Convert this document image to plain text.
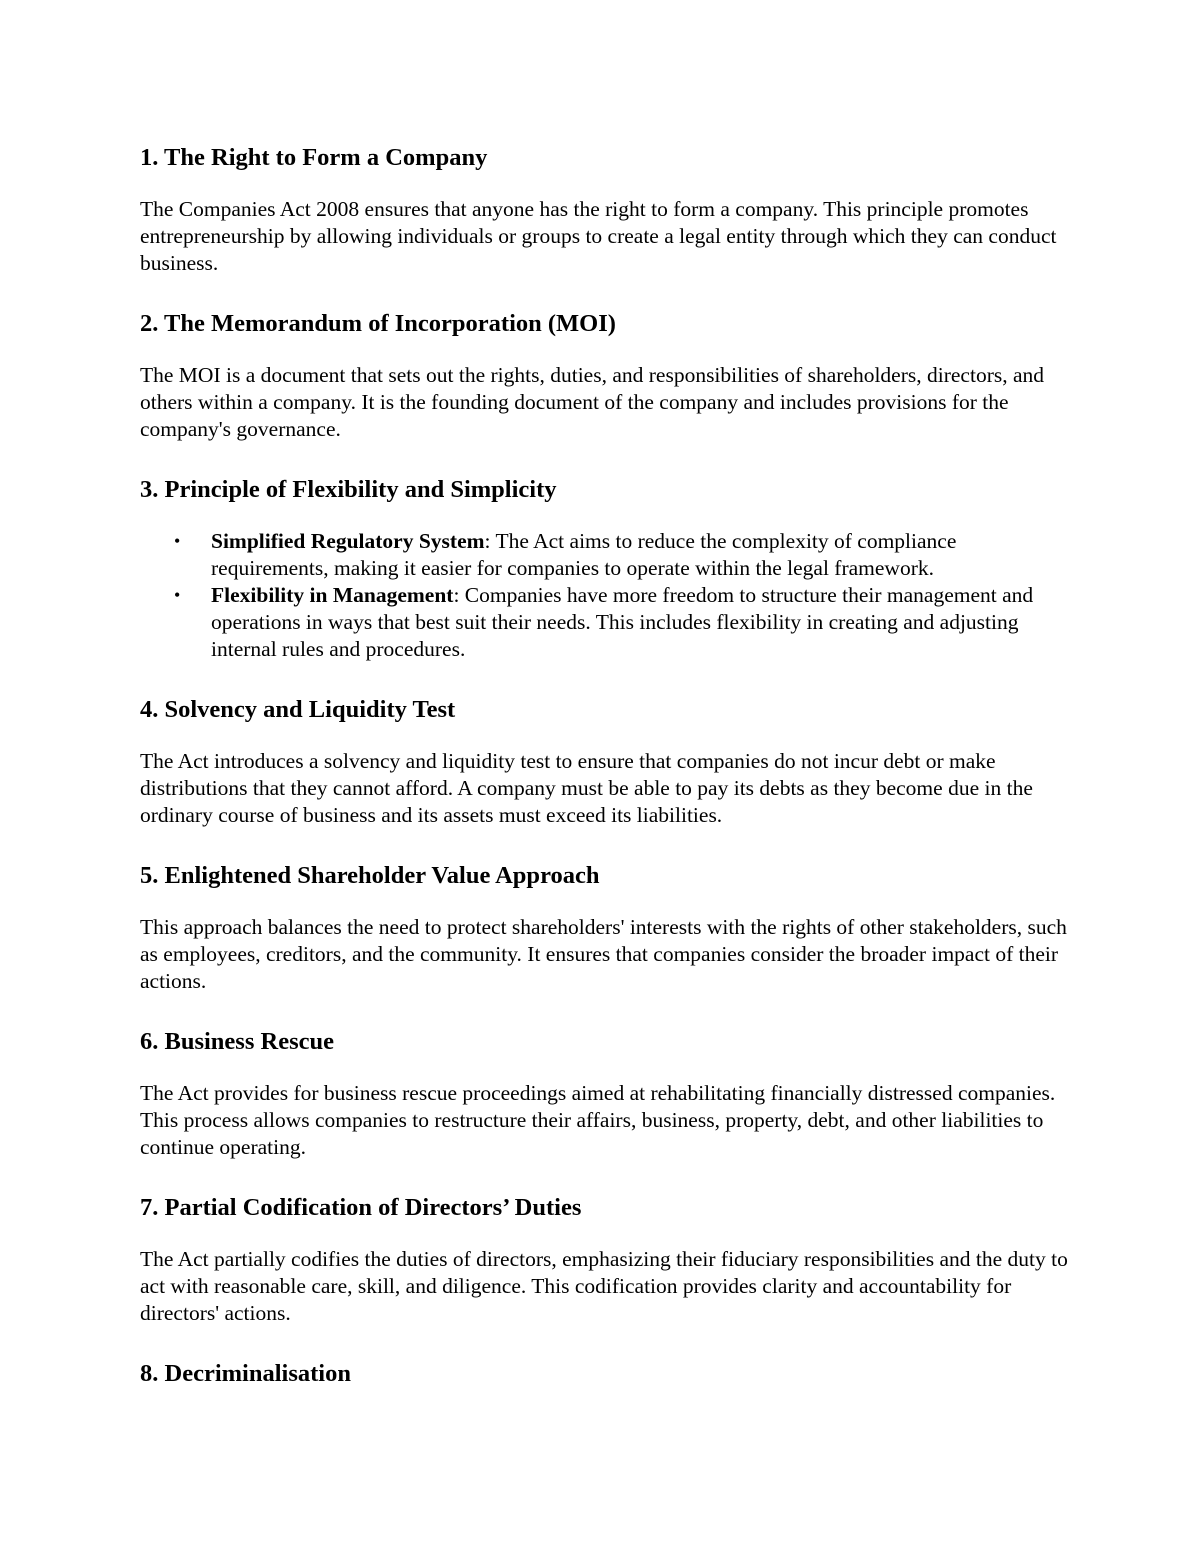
1. The Right to Form a Company

The Companies Act 2008 ensures that anyone has the right to form a company. This principle promotes entrepreneurship by allowing individuals or groups to create a legal entity through which they can conduct business.

2. The Memorandum of Incorporation (MOI)

The MOI is a document that sets out the rights, duties, and responsibilities of shareholders, directors, and others within a company. It is the founding document of the company and includes provisions for the company's governance.

3. Principle of Flexibility and Simplicity
• Simplified Regulatory System: The Act aims to reduce the complexity of compliance requirements, making it easier for companies to operate within the legal framework.
• Flexibility in Management: Companies have more freedom to structure their management and operations in ways that best suit their needs. This includes flexibility in creating and adjusting internal rules and procedures.
4. Solvency and Liquidity Test

The Act introduces a solvency and liquidity test to ensure that companies do not incur debt or make distributions that they cannot afford. A company must be able to pay its debts as they become due in the ordinary course of business and its assets must exceed its liabilities.

5. Enlightened Shareholder Value Approach

This approach balances the need to protect shareholders' interests with the rights of other stakeholders, such as employees, creditors, and the community. It ensures that companies consider the broader impact of their actions.

6. Business Rescue

The Act provides for business rescue proceedings aimed at rehabilitating financially distressed companies. This process allows companies to restructure their affairs, business, property, debt, and other liabilities to continue operating.

7. Partial Codification of Directors’ Duties

The Act partially codifies the duties of directors, emphasizing their fiduciary responsibilities and the duty to act with reasonable care, skill, and diligence. This codification provides clarity and accountability for directors' actions.

8. Decriminalisation
